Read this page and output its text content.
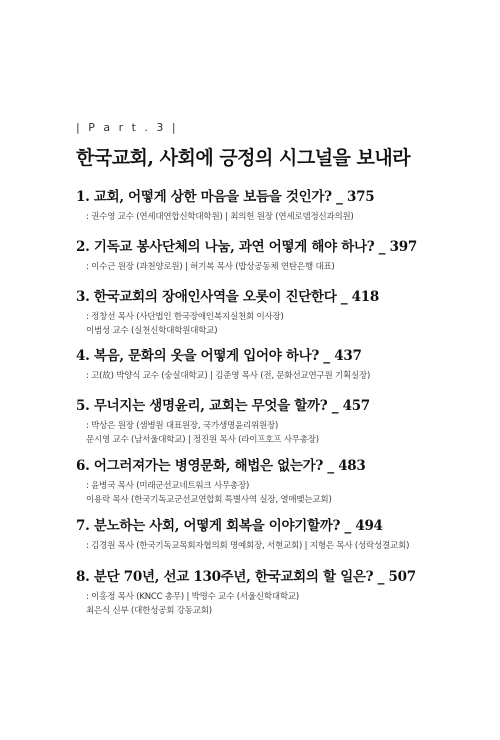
| P a r t . 3 |
한국교회, 사회에 긍정의 시그널을 보내라
1. 교회, 어떻게 상한 마음을 보듬을 것인가? _ 375
: 권수영 교수 (연세대연합신학대학원) | 최의헌 원장 (연세로뎀정신과의원)
2. 기독교 봉사단체의 나눔, 과연 어떻게 해야 하나? _ 397
: 이수근 원장 (과천양로원) | 허기복 목사 (밥상공동체 연탄은행 대표)
3. 한국교회의 장애인사역을 오롯이 진단한다 _ 418
: 정창선 목사 (사단법인 한국장애인복지실천회 이사장)
이범성 교수 (실천신학대학원대학교)
4. 복음, 문화의 옷을 어떻게 입어야 하나? _ 437
: 고(故) 박양식 교수 (숭실대학교) | 김준영 목사 (전, 문화선교연구원 기획실장)
5. 무너지는 생명윤리, 교회는 무엇을 할까? _ 457
: 박상은 원장 (샘병원 대표원장, 국가생명윤리위원장)
문시영 교수 (남서울대학교) | 정진원 목사 (라이프호프 사무총장)
6. 어그러져가는 병영문화, 해법은 없는가? _ 483
: 윤병국 목사 (미래군선교네트워크 사무총장)
이용락 목사 (한국기독교군선교연합회 특별사역 실장, 열매맺는교회)
7. 분노하는 사회, 어떻게 회복을 이야기할까? _ 494
: 김경원 목사 (한국기독교목회자협의회 명예회장, 서현교회) | 지형은 목사 (성락성결교회)
8. 분단 70년, 선교 130주년, 한국교회의 할 일은? _ 507
: 이홍정 목사 (KNCC 총무) | 박명수 교수 (서울신학대학교)
최은식 신부 (대한성공회 강동교회)
